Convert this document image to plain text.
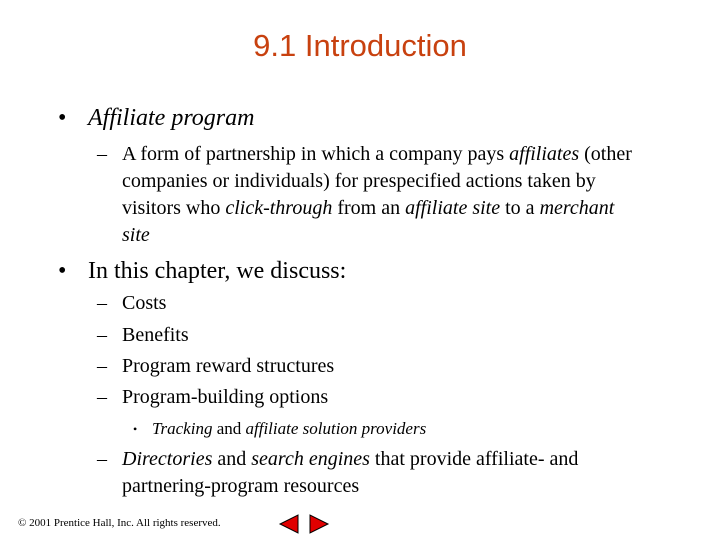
9.1 Introduction
• Affiliate program
– A form of partnership in which a company pays affiliates (other companies or individuals) for prespecified actions taken by visitors who click-through from an affiliate site to a merchant site
• In this chapter, we discuss:
– Costs
– Benefits
– Program reward structures
– Program-building options
• Tracking and affiliate solution providers
– Directories and search engines that provide affiliate- and partnering-program resources
© 2001 Prentice Hall, Inc. All rights reserved.
